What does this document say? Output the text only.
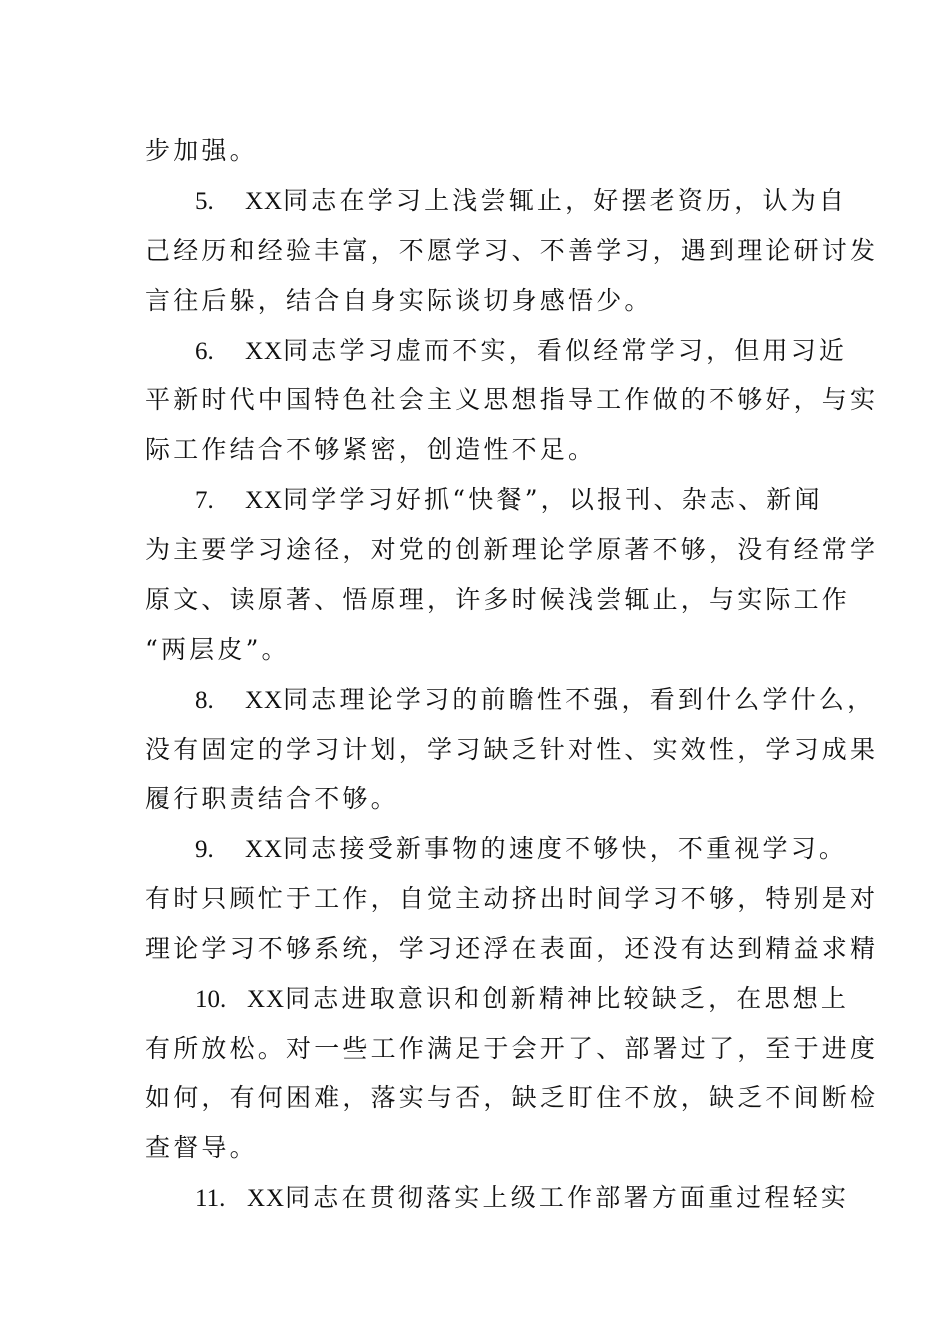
步加强。
5. XX同志在学习上浅尝辄止，好摆老资历，认为自
己经历和经验丰富，不愿学习、不善学习，遇到理论研讨发
言往后躲，结合自身实际谈切身感悟少。
6. XX同志学习虚而不实，看似经常学习，但用习近
平新时代中国特色社会主义思想指导工作做的不够好，与实
际工作结合不够紧密，创造性不足。
7. XX同学学习好抓“快餐”，以报刊、杂志、新闻
为主要学习途径，对党的创新理论学原著不够，没有经常学
原文、读原著、悟原理，许多时候浅尝辄止，与实际工作
“两层皮”。
8. XX同志理论学习的前瞻性不强，看到什么学什么，
没有固定的学习计划，学习缺乏针对性、实效性，学习成果
履行职责结合不够。
9. XX同志接受新事物的速度不够快，不重视学习。
有时只顾忙于工作，自觉主动挤出时间学习不够，特别是对
理论学习不够系统，学习还浮在表面，还没有达到精益求精
10. XX同志进取意识和创新精神比较缺乏，在思想上
有所放松。对一些工作满足于会开了、部署过了，至于进度
如何，有何困难，落实与否，缺乏盯住不放，缺乏不间断检
查督导。
11. XX同志在贯彻落实上级工作部署方面重过程轻实
